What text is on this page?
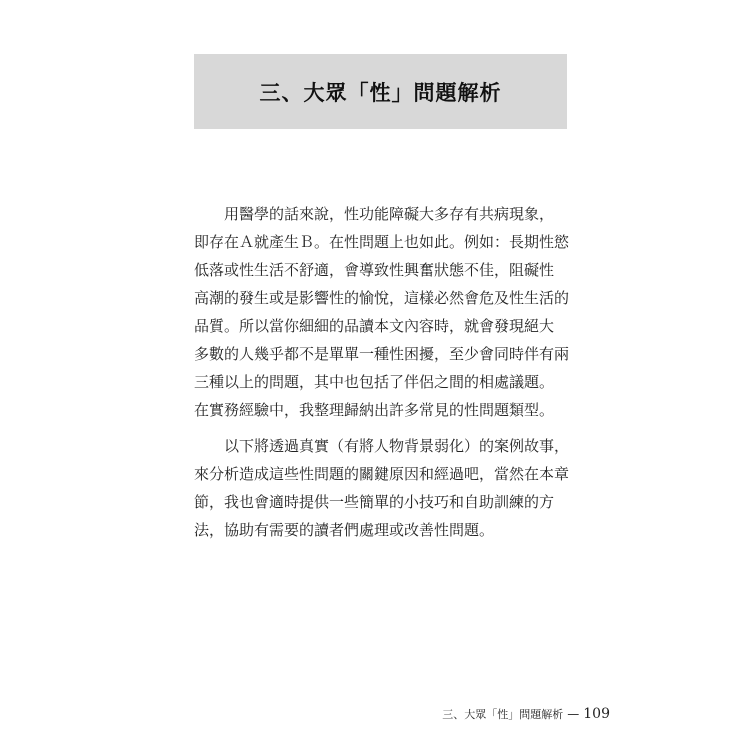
三、大眾「性」問題解析

用醫學的話來說，性功能障礙大多存有共病現象，
即存在Ａ就產生Ｂ。在性問題上也如此。例如：長期性慾
低落或性生活不舒適，會導致性興奮狀態不佳，阻礙性
高潮的發生或是影響性的愉悅，這樣必然會危及性生活的
品質。所以當你細細的品讀本文內容時，就會發現絕大
多數的人幾乎都不是單單一種性困擾，至少會同時伴有兩
三種以上的問題，其中也包括了伴侶之間的相處議題。
在實務經驗中，我整理歸納出許多常見的性問題類型。

以下將透過真實（有將人物背景弱化）的案例故事，
來分析造成這些性問題的關鍵原因和經過吧，當然在本章
節，我也會適時提供一些簡單的小技巧和自助訓練的方
法，協助有需要的讀者們處理或改善性問題。

三、大眾「性」問題解析 — 109
